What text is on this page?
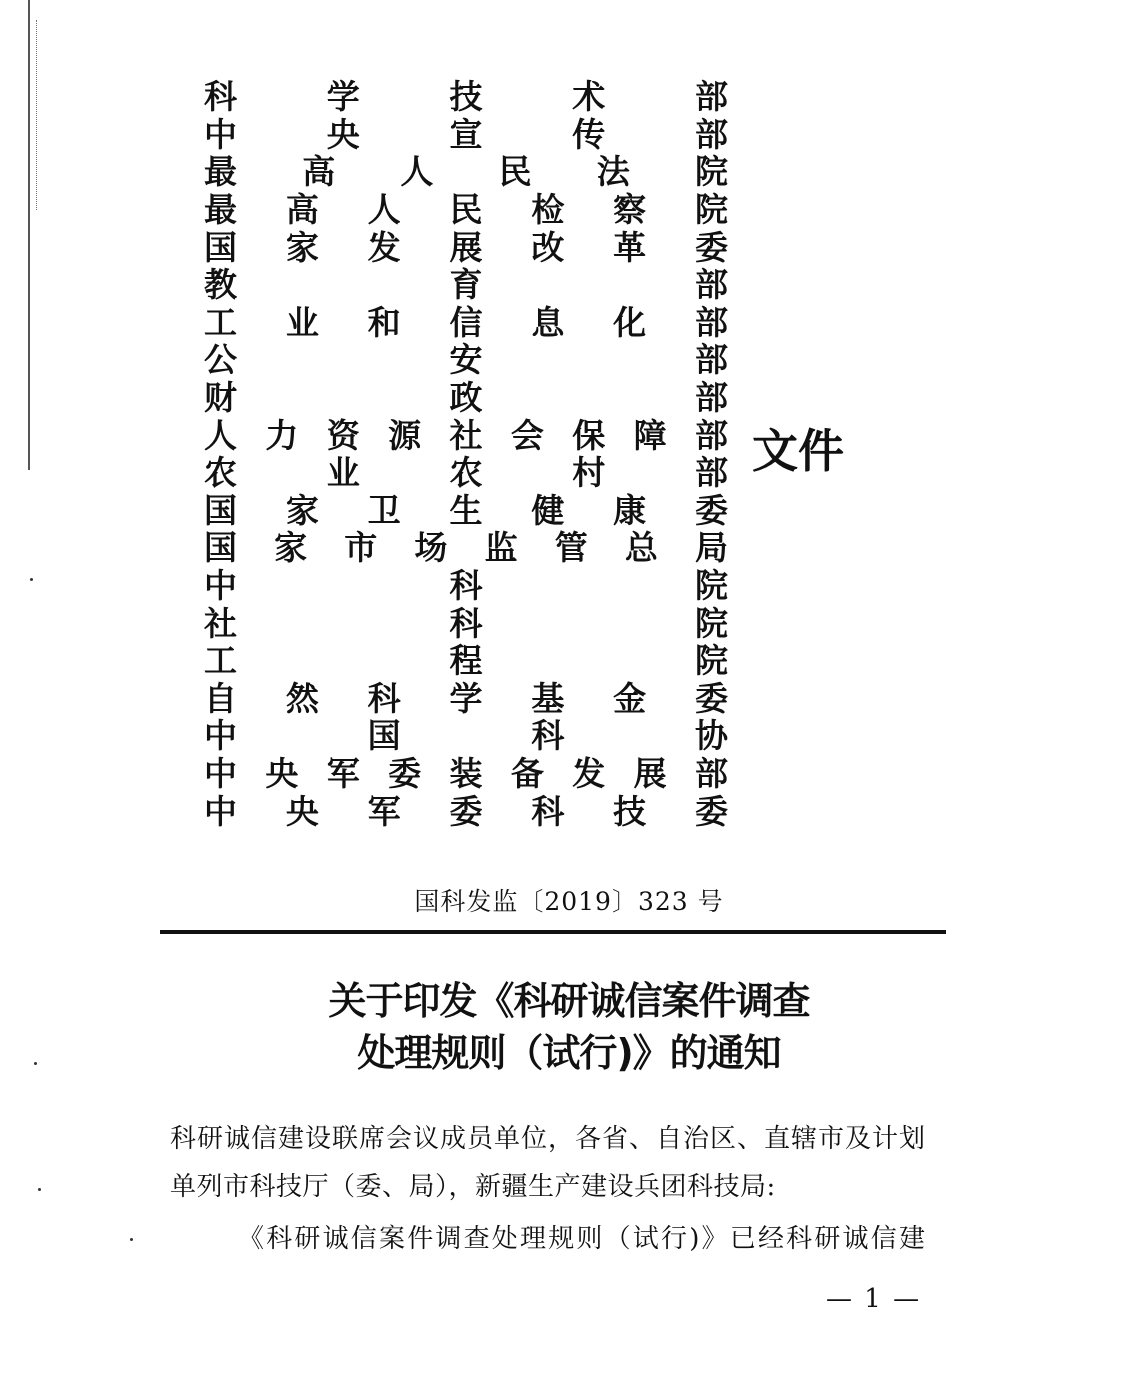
科	学	技	术	部
中	央	宣	传	部
最 高 人 民 法 院
最 高 人 民 检 察 院
国 家 发 展 改 革 委
教	育	部
工 业 和 信 息 化 部
公	安	部
财	政	部
人 力 资 源 社 会 保 障 部
农	业	农	村	部
国 家 卫 生 健 康 委
国 家 市 场 监 管 总 局
中	科	院
社	科	院
工	程	院
自 然 科 学 基 金 委
中	国	科	协
中 央 军 委 装 备 发 展 部
中 央 军 委 科 技 委
文件
国科发监〔2019〕323 号
关于印发《科研诚信案件调查
处理规则（试行)》的通知
科研诚信建设联席会议成员单位，各省、自治区、直辖市及计划
单列市科技厅（委、局），新疆生产建设兵团科技局:
《科研诚信案件调查处理规则（试行)》已经科研诚信建
— 1 —
